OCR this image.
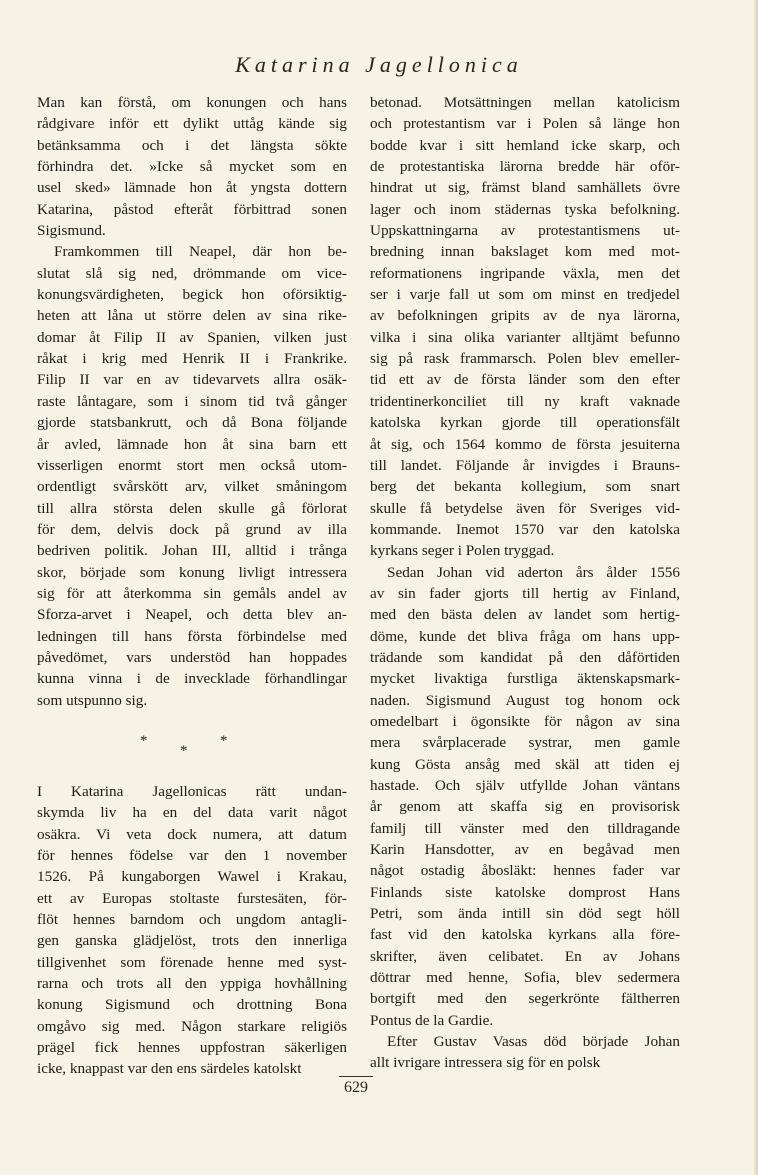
Katarina Jagellonica
Man kan förstå, om konungen och hans
rådgivare inför ett dylikt uttåg kände sig
betänksamma och i det längsta sökte
förhindra det. »Icke så mycket som en
usel sked» lämnade hon åt yngsta dottern
Katarina, påstod efteråt förbittrad sonen
Sigismund.
Framkommen till Neapel, där hon be-
slutat slå sig ned, drömmande om vice-
konungsvärdigheten, begick hon oförsiktig-
heten att låna ut större delen av sina rike-
domar åt Filip II av Spanien, vilken just
råkat i krig med Henrik II i Frankrike.
Filip II var en av tidevarvets allra osäk-
raste låntagare, som i sinom tid två gånger
gjorde statsbankrutt, och då Bona följande
år avled, lämnade hon åt sina barn ett
visserligen enormt stort men också utom-
ordentligt svårskött arv, vilket småningom
till allra största delen skulle gå förlorat
för dem, delvis dock på grund av illa
bedriven politik. Johan III, alltid i trånga
skor, började som konung livligt intressera
sig för att återkomma sin gemåls andel av
Sforza-arvet i Neapel, och detta blev an-
ledningen till hans första förbindelse med
påvedömet, vars understöd han hoppades
kunna vinna i de invecklade förhandlingar
som utspunno sig.
*
*
*
I Katarina Jagellonicas rätt undan-
skymda liv ha en del data varit något
osäkra. Vi veta dock numera, att datum
för hennes födelse var den 1 november
1526. På kungaborgen Wawel i Krakau,
ett av Europas stoltaste furstesäten, för-
flöt hennes barndom och ungdom antagli-
gen ganska glädjelöst, trots den innerliga
tillgivenhet som förenade henne med syst-
rarna och trots all den yppiga hovhållning
konung Sigismund och drottning Bona
omgåvo sig med. Någon starkare religiös
prägel fick hennes uppfostran säkerligen
icke, knappast var den ens särdeles katolskt
betonad. Motsättningen mellan katolicism
och protestantism var i Polen så länge hon
bodde kvar i sitt hemland icke skarp, och
de protestantiska lärorna bredde här oför-
hindrat ut sig, främst bland samhällets övre
lager och inom städernas tyska befolkning.
Uppskattningarna av protestantismens ut-
bredning innan bakslaget kom med mot-
reformationens ingripande växla, men det
ser i varje fall ut som om minst en tredjedel
av befolkningen gripits av de nya lärorna,
vilka i sina olika varianter alltjämt befunno
sig på rask frammarsch. Polen blev emeller-
tid ett av de första länder som den efter
tridentinerkonciliet till ny kraft vaknade
katolska kyrkan gjorde till operationsfält
åt sig, och 1564 kommo de första jesuiterna
till landet. Följande år invigdes i Brauns-
berg det bekanta kollegium, som snart
skulle få betydelse även för Sveriges vid-
kommande. Inemot 1570 var den katolska
kyrkans seger i Polen tryggad.
Sedan Johan vid aderton års ålder 1556
av sin fader gjorts till hertig av Finland,
med den bästa delen av landet som hertig-
döme, kunde det bliva fråga om hans upp-
trädande som kandidat på den dåförtiden
mycket livaktiga furstliga äktenskapsmark-
naden. Sigismund August tog honom ock
omedelbart i ögonsikte för någon av sina
mera svårplacerade systrar, men gamle
kung Gösta ansåg med skäl att tiden ej
hastade. Och själv utfyllde Johan väntans
år genom att skaffa sig en provisorisk
familj till vänster med den tilldragande
Karin Hansdotter, av en begåvad men
något ostadig åbosläkt: hennes fader var
Finlands siste katolske domprost Hans
Petri, som ända intill sin död segt höll
fast vid den katolska kyrkans alla före-
skrifter, även celibatet. En av Johans
döttrar med henne, Sofia, blev sedermera
bortgift med den segerkrönte fältherren
Pontus de la Gardie.
Efter Gustav Vasas död började Johan
allt ivrigare intressera sig för en polsk
629
